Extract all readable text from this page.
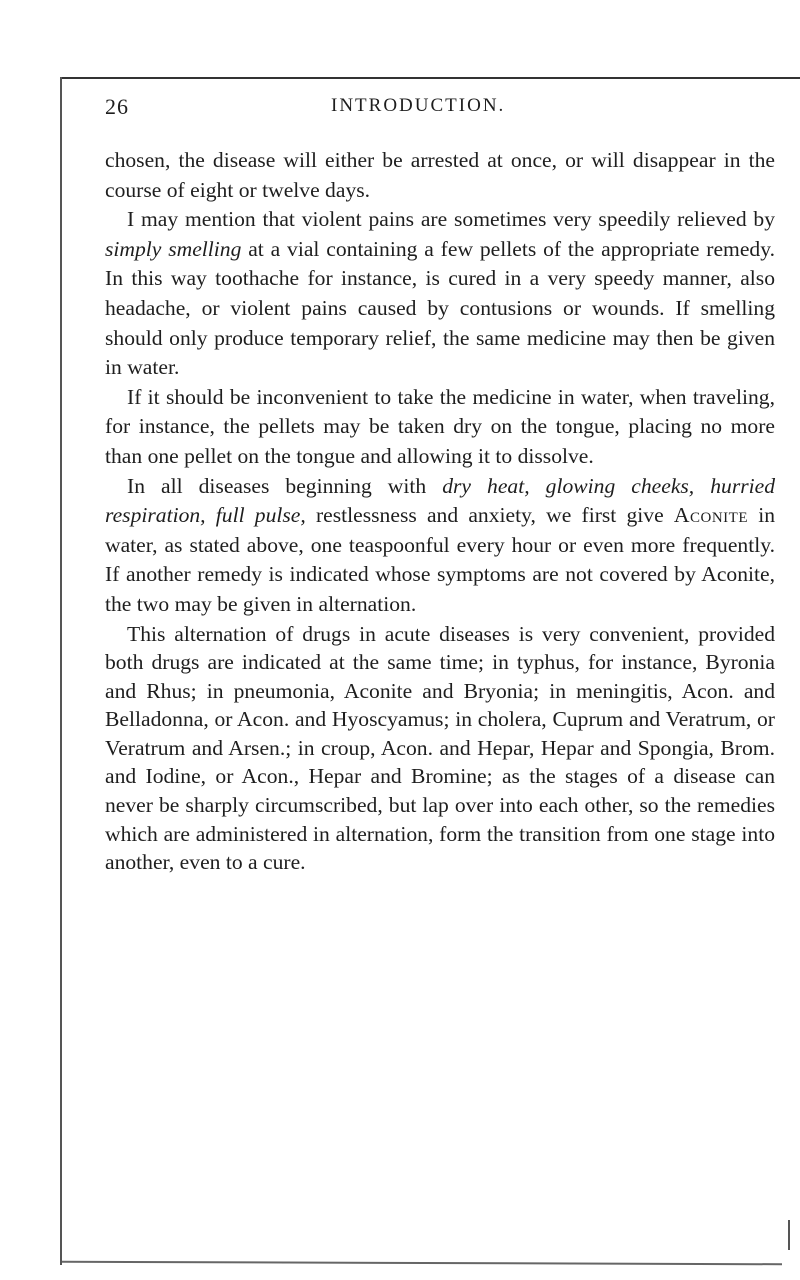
26	INTRODUCTION.

chosen, the disease will either be arrested at once, or will disappear in the course of eight or twelve days.

I may mention that violent pains are sometimes very speedily relieved by simply smelling at a vial containing a few pellets of the appropriate remedy. In this way toothache for instance, is cured in a very speedy manner, also headache, or violent pains caused by contusions or wounds. If smelling should only produce temporary relief, the same medicine may then be given in water.

If it should be inconvenient to take the medicine in water, when traveling, for instance, the pellets may be taken dry on the tongue, placing no more than one pellet on the tongue and allowing it to dissolve.

In all diseases beginning with dry heat, glowing cheeks, hurried respiration, full pulse, restlessness and anxiety, we first give Aconite in water, as stated above, one teaspoonful every hour or even more frequently. If another remedy is indicated whose symptoms are not covered by Aconite, the two may be given in alternation.

This alternation of drugs in acute diseases is very convenient, provided both drugs are indicated at the same time; in typhus, for instance, Byronia and Rhus; in pneumonia, Aconite and Bryonia; in meningitis, Acon. and Belladonna, or Acon. and Hyoscyamus; in cholera, Cuprum and Veratrum, or Veratrum and Arsen.; in croup, Acon. and Hepar, Hepar and Spongia, Brom. and Iodine, or Acon., Hepar and Bromine; as the stages of a disease can never be sharply circumscribed, but lap over into each other, so the remedies which are administered in alternation, form the transition from one stage into another, even to a cure.
